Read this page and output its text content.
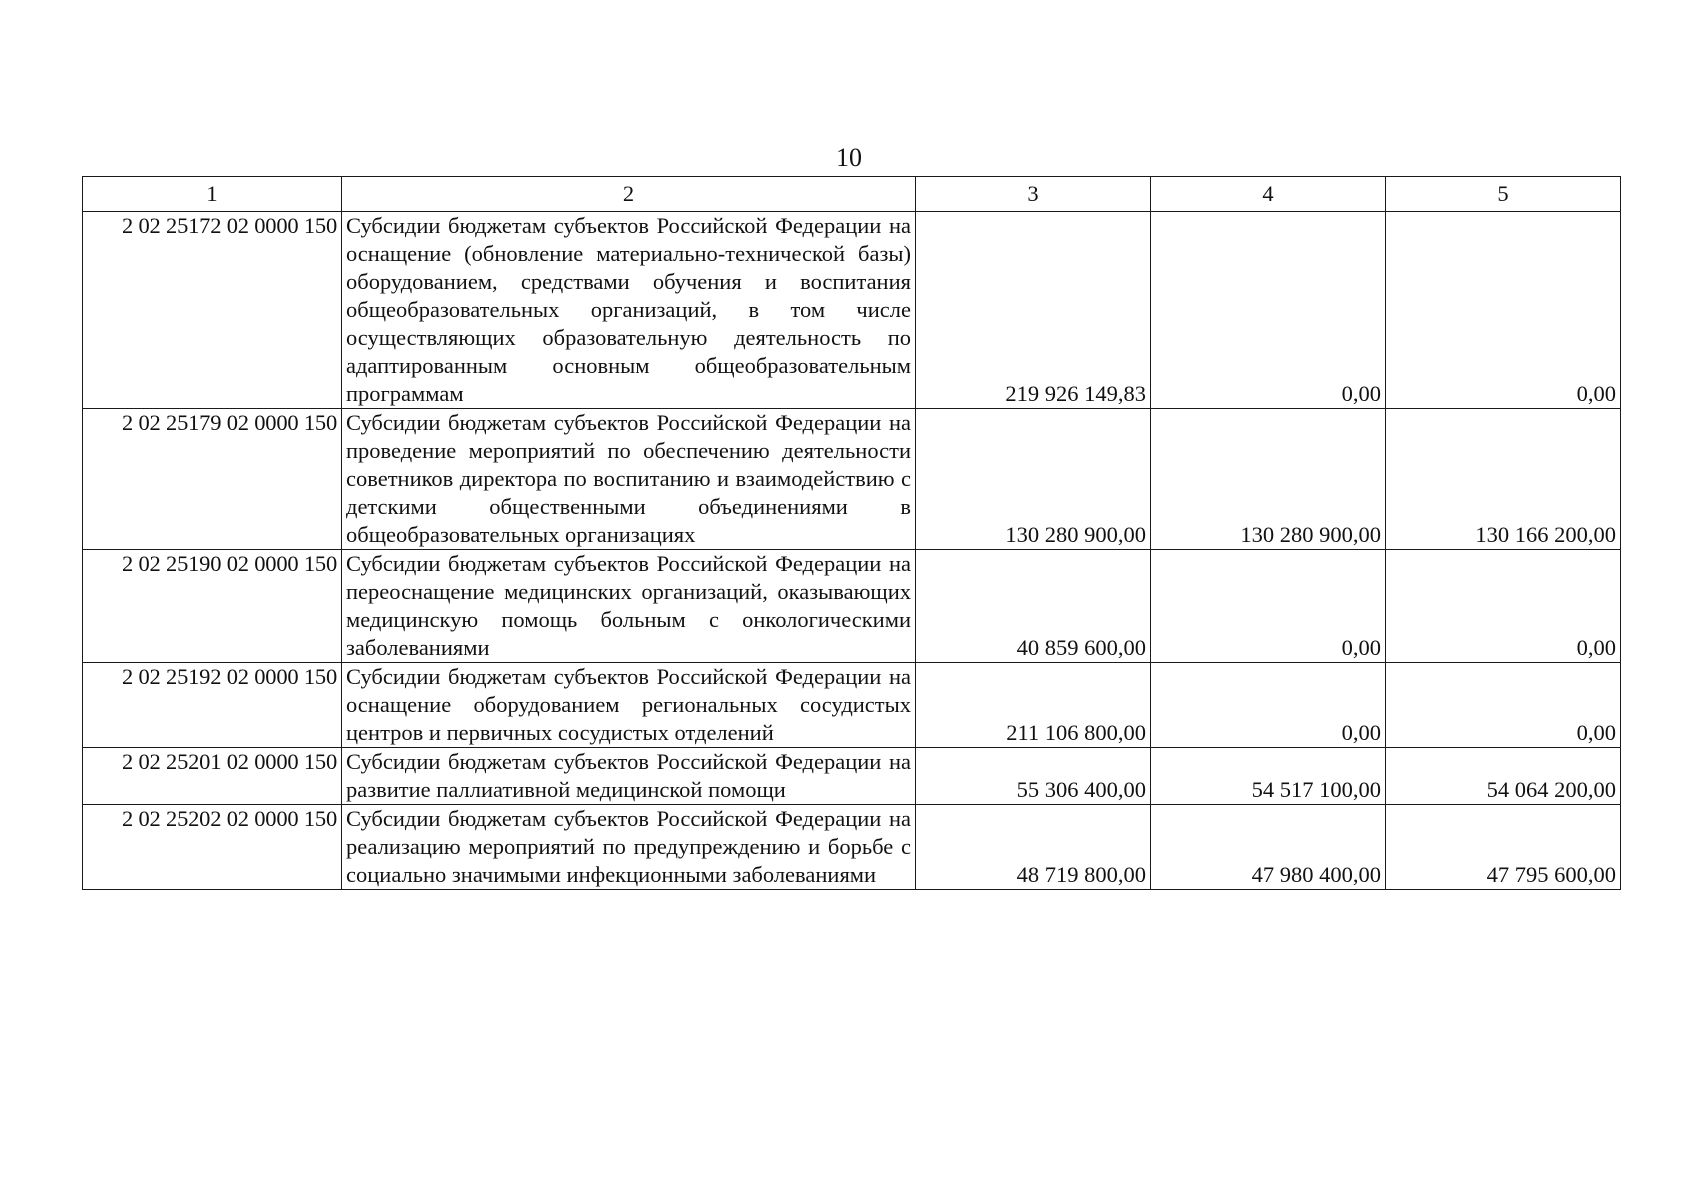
10
1	2	3	4	5
2 02 25172 02 0000 150	Субсидии бюджетам субъектов Российской Федерации на оснащение (обновление материально-технической базы) оборудованием, средствами обучения и воспитания общеобразовательных организаций, в том числе осуществляющих образовательную деятельность по адаптированным основным общеобразовательным программам	219 926 149,83	0,00	0,00
2 02 25179 02 0000 150	Субсидии бюджетам субъектов Российской Федерации на проведение мероприятий по обеспечению деятельности советников директора по воспитанию и взаимодействию с детскими общественными объединениями в общеобразовательных организациях	130 280 900,00	130 280 900,00	130 166 200,00
2 02 25190 02 0000 150	Субсидии бюджетам субъектов Российской Федерации на переоснащение медицинских организаций, оказывающих медицинскую помощь больным с онкологическими заболеваниями	40 859 600,00	0,00	0,00
2 02 25192 02 0000 150	Субсидии бюджетам субъектов Российской Федерации на оснащение оборудованием региональных сосудистых центров и первичных сосудистых отделений	211 106 800,00	0,00	0,00
2 02 25201 02 0000 150	Субсидии бюджетам субъектов Российской Федерации на развитие паллиативной медицинской помощи	55 306 400,00	54 517 100,00	54 064 200,00
2 02 25202 02 0000 150	Субсидии бюджетам субъектов Российской Федерации на реализацию мероприятий по предупреждению и борьбе с социально значимыми инфекционными заболеваниями	48 719 800,00	47 980 400,00	47 795 600,00
